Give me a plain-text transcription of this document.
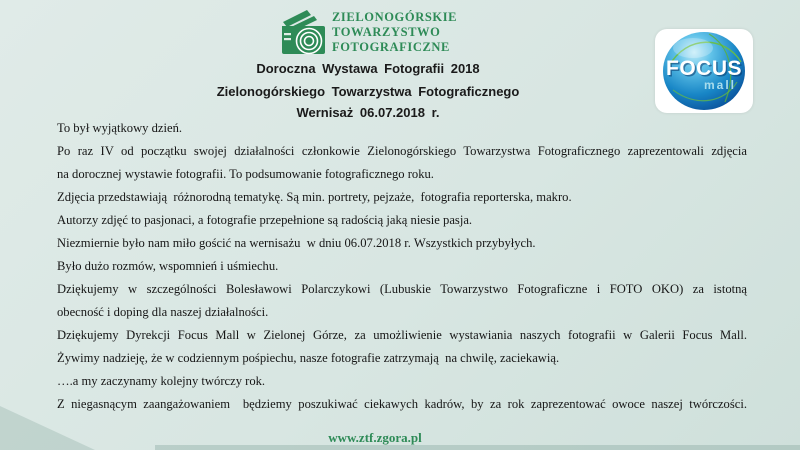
ZIELONOGÓRSKIE
TOWARZYSTWO
FOTOGRAFICZNE
FOCUS
mall
Doroczna Wystawa Fotografii 2018
Zielonogórskiego Towarzystwa Fotograficznego
Wernisaż 06.07.2018 r.
To był wyjątkowy dzień.
Po raz IV od początku swojej działalności członkowie Zielonogórskiego Towarzystwa Fotograficznego zaprezentowali zdjęcia
na dorocznej wystawie fotografii. To podsumowanie fotograficznego roku.
Zdjęcia przedstawiają  różnorodną tematykę. Są min. portrety, pejzaże,  fotografia reporterska, makro.
Autorzy zdjęć to pasjonaci, a fotografie przepełnione są radością jaką niesie pasja.
Niezmiernie było nam miło gościć na wernisażu  w dniu 06.07.2018 r. Wszystkich przybyłych.
Było dużo rozmów, wspomnień i uśmiechu.
Dziękujemy w szczególności Bolesławowi Polarczykowi (Lubuskie Towarzystwo Fotograficzne i FOTO OKO) za istotną
obecność i doping dla naszej działalności.
Dziękujemy Dyrekcji Focus Mall w Zielonej Górze, za umożliwienie wystawiania naszych fotografii w Galerii Focus Mall.
Żywimy nadzieję, że w codziennym pośpiechu, nasze fotografie zatrzymają  na chwilę, zaciekawią.
….a my zaczynamy kolejny twórczy rok.
Z niegasnącym zaangażowaniem  będziemy poszukiwać ciekawych kadrów, by za rok zaprezentować owoce naszej twórczości.
www.ztf.zgora.pl
